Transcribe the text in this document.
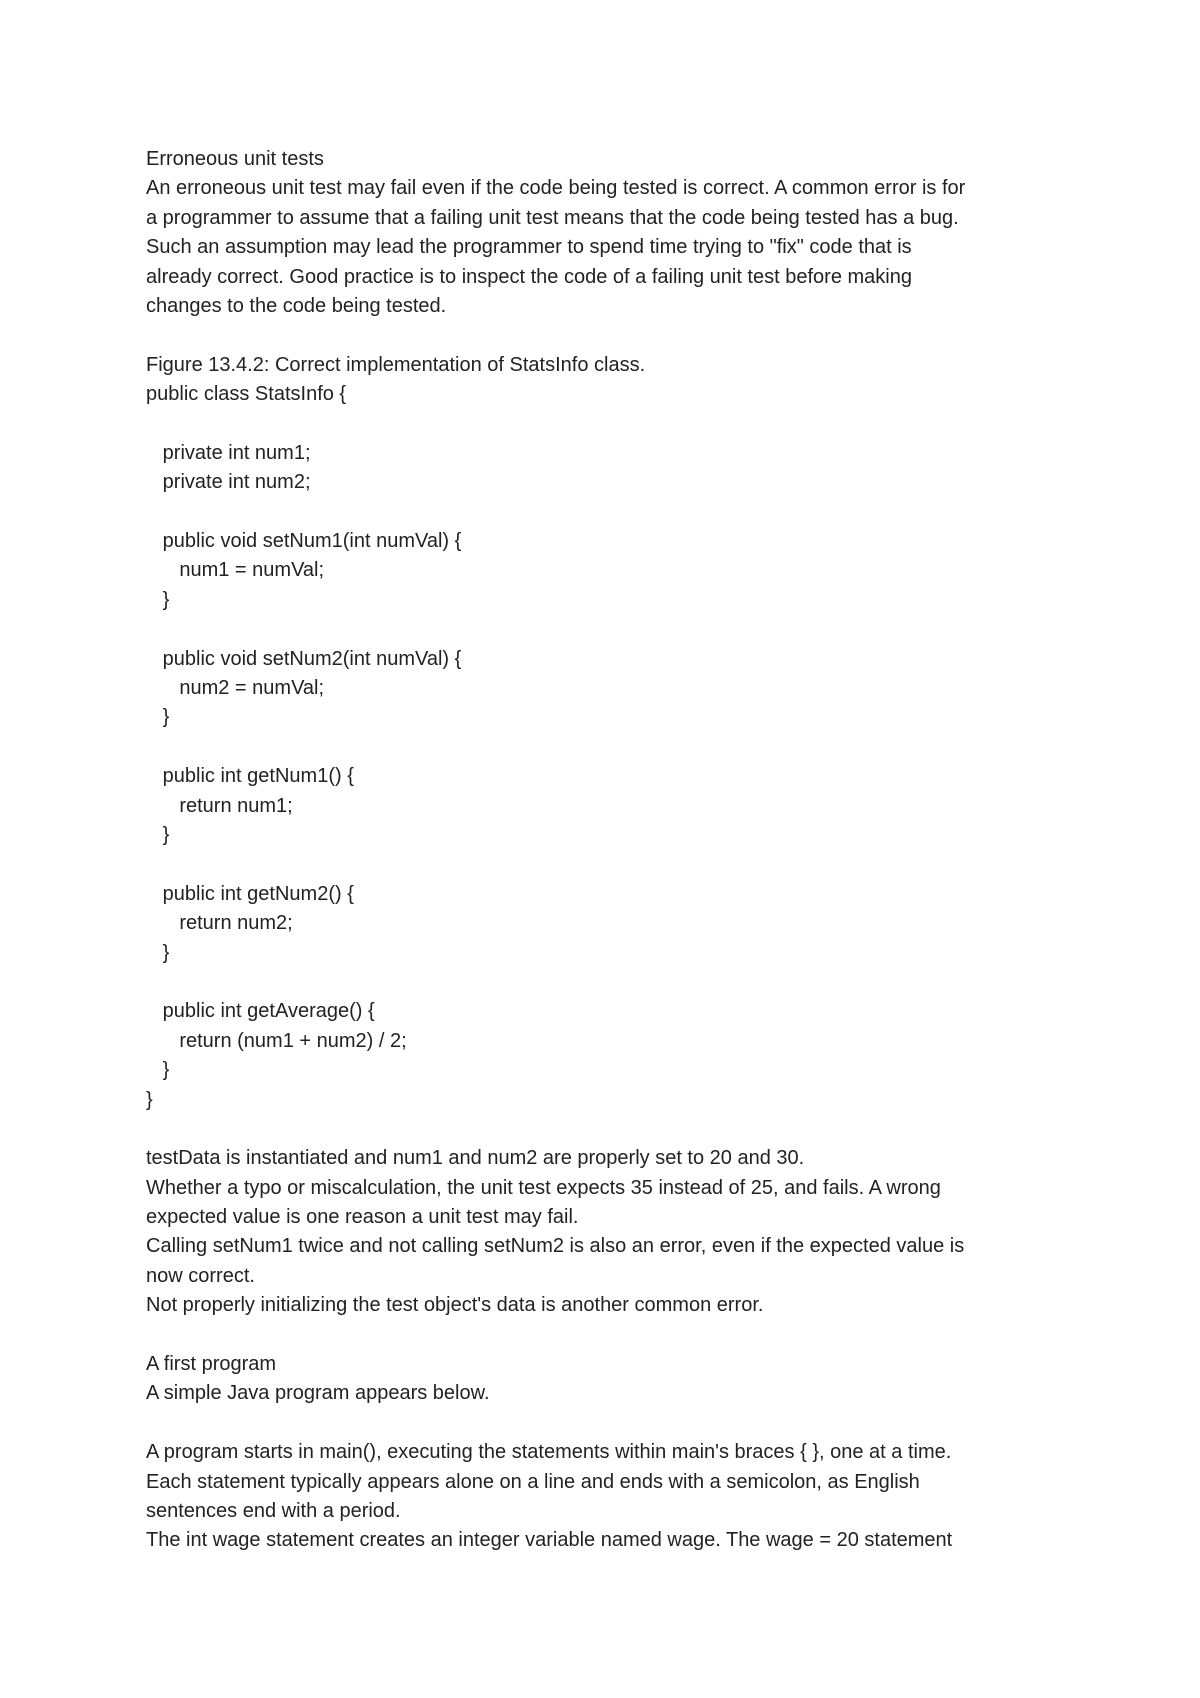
Erroneous unit tests
An erroneous unit test may fail even if the code being tested is correct. A common error is for
a programmer to assume that a failing unit test means that the code being tested has a bug.
Such an assumption may lead the programmer to spend time trying to "fix" code that is
already correct. Good practice is to inspect the code of a failing unit test before making
changes to the code being tested.
Figure 13.4.2: Correct implementation of StatsInfo class.
public class StatsInfo {
private int num1;
private int num2;
public void setNum1(int numVal) {
num1 = numVal;
}
public void setNum2(int numVal) {
num2 = numVal;
}
public int getNum1() {
return num1;
}
public int getNum2() {
return num2;
}
public int getAverage() {
return (num1 + num2) / 2;
}
}
testData is instantiated and num1 and num2 are properly set to 20 and 30.
Whether a typo or miscalculation, the unit test expects 35 instead of 25, and fails. A wrong
expected value is one reason a unit test may fail.
Calling setNum1 twice and not calling setNum2 is also an error, even if the expected value is
now correct.
Not properly initializing the test object's data is another common error.
A first program
A simple Java program appears below.
A program starts in main(), executing the statements within main's braces { }, one at a time.
Each statement typically appears alone on a line and ends with a semicolon, as English
sentences end with a period.
The int wage statement creates an integer variable named wage. The wage = 20 statement
